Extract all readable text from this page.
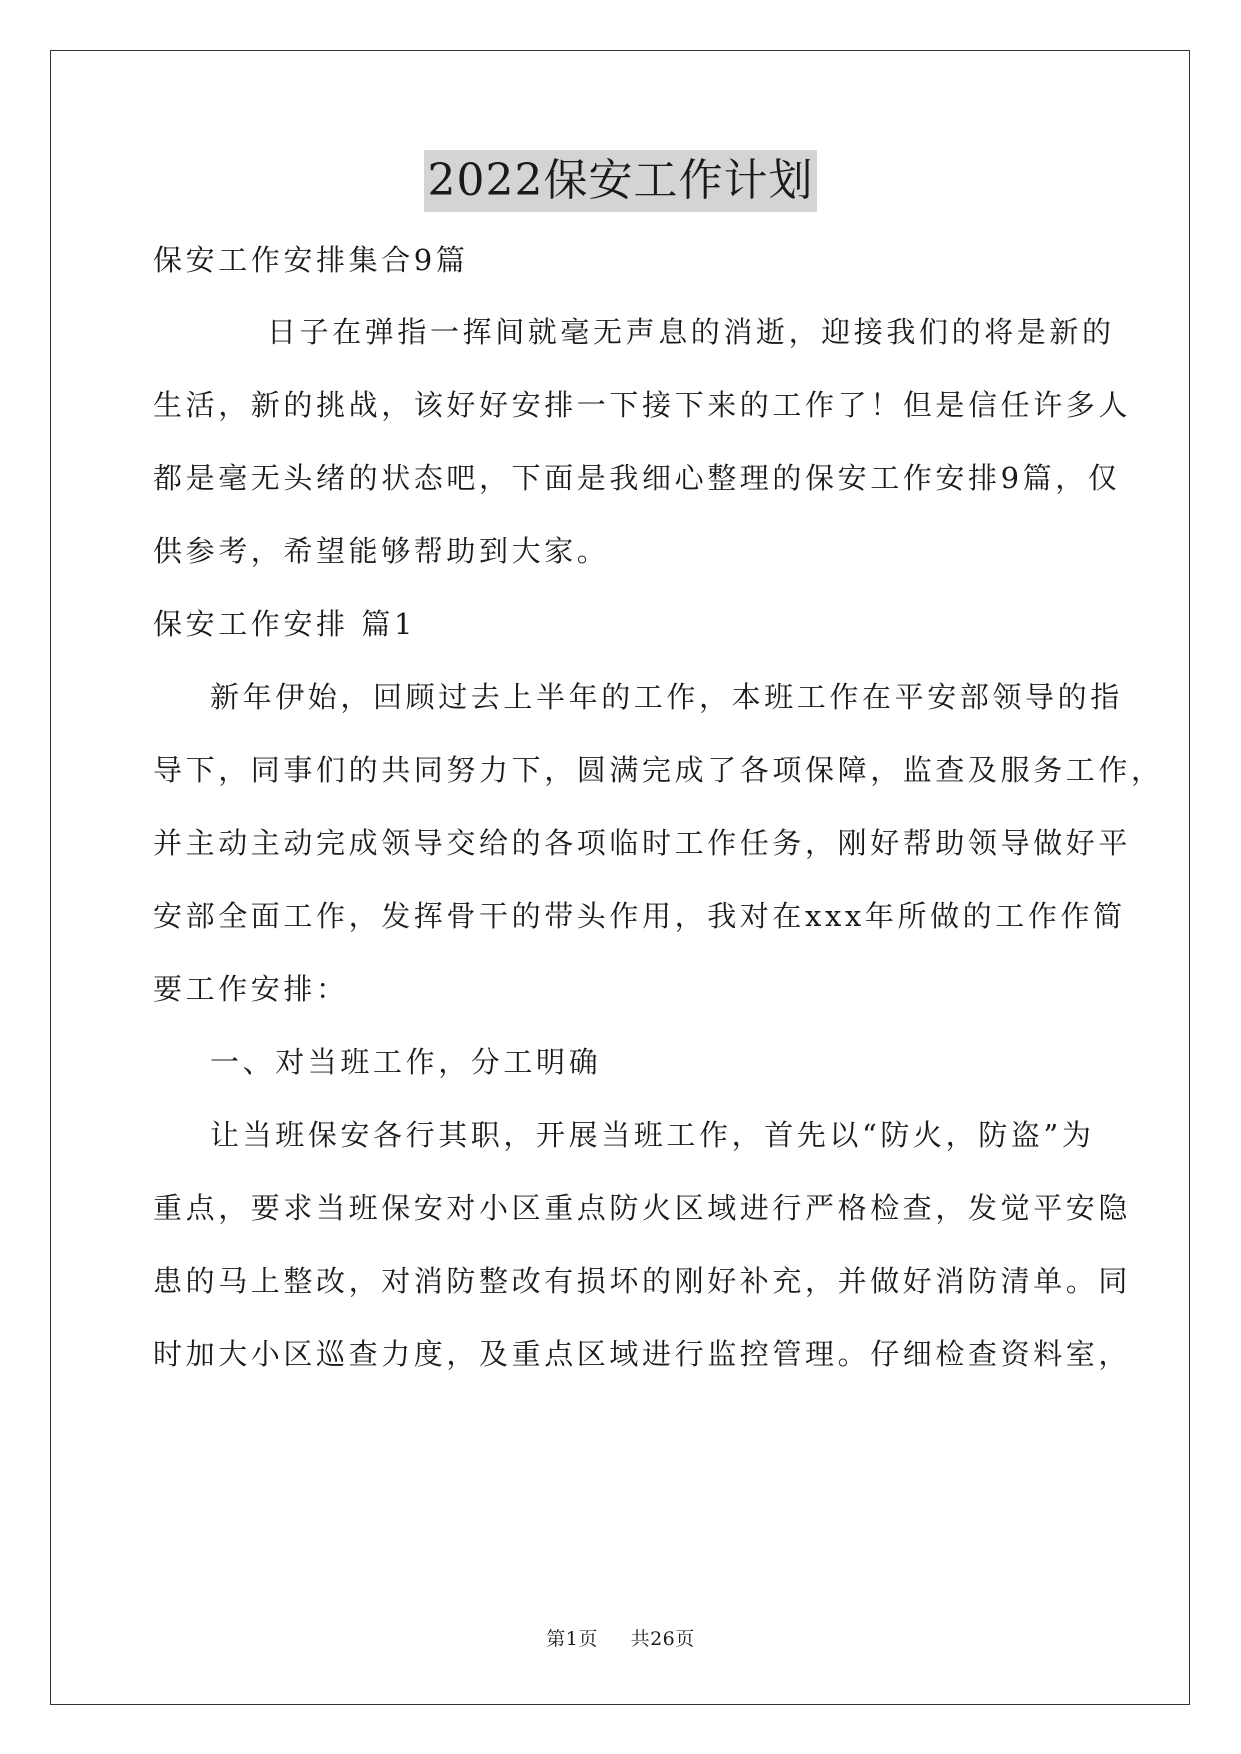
2022保安工作计划
保安工作安排集合9篇
日子在弹指一挥间就毫无声息的消逝，迎接我们的将是新的
生活，新的挑战，该好好安排一下接下来的工作了！但是信任许多人
都是毫无头绪的状态吧，下面是我细心整理的保安工作安排9篇，仅
供参考，希望能够帮助到大家。
保安工作安排 篇1
新年伊始，回顾过去上半年的工作，本班工作在平安部领导的指
导下，同事们的共同努力下，圆满完成了各项保障，监查及服务工作，
并主动主动完成领导交给的各项临时工作任务，刚好帮助领导做好平
安部全面工作，发挥骨干的带头作用，我对在xxx年所做的工作作简
要工作安排：
一、对当班工作，分工明确
让当班保安各行其职，开展当班工作，首先以“防火，防盗”为
重点，要求当班保安对小区重点防火区域进行严格检查，发觉平安隐
患的马上整改，对消防整改有损坏的刚好补充，并做好消防清单。同
时加大小区巡查力度，及重点区域进行监控管理。仔细检查资料室，
第1页 共26页
